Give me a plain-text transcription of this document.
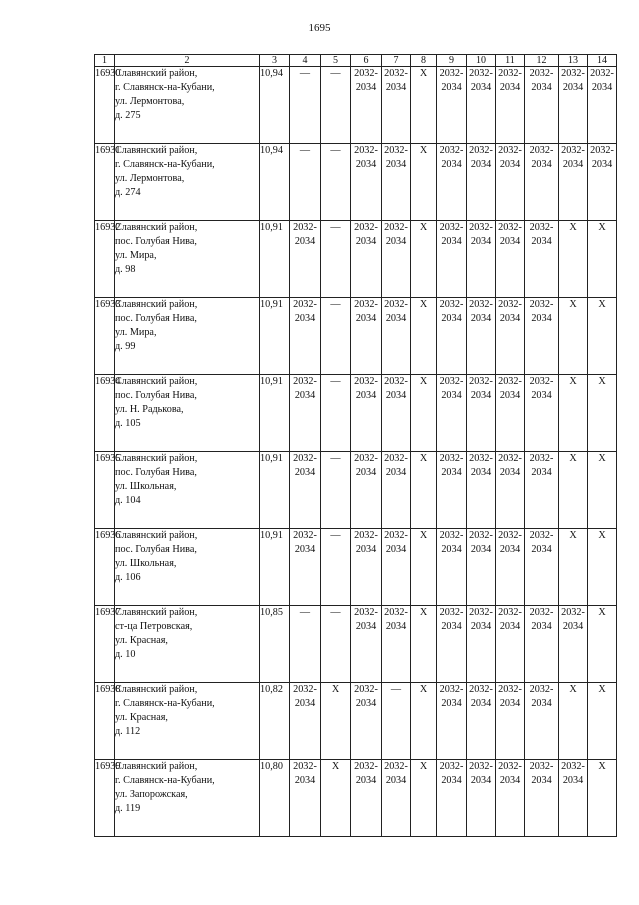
1695
1	2	3	4	5	6	7	8	9	10	11	12	13	14
16930	Славянский район,
г. Славянск-на-Кубани,
ул. Лермонтова,
д. 275	10,94	—	—	2032-
2034	2032-
2034	Х	2032-
2034	2032-
2034	2032-
2034	2032-
2034	2032-
2034	2032-
2034

16931	Славянский район,
г. Славянск-на-Кубани,
ул. Лермонтова,
д. 274	10,94	—	—	2032-
2034	2032-
2034	Х	2032-
2034	2032-
2034	2032-
2034	2032-
2034	2032-
2034	2032-
2034

16932	Славянский район,
пос. Голубая Нива,
ул. Мира,
д. 98	10,91	2032-
2034	—	2032-
2034	2032-
2034	Х	2032-
2034	2032-
2034	2032-
2034	2032-
2034	Х	Х

16933	Славянский район,
пос. Голубая Нива,
ул. Мира,
д. 99	10,91	2032-
2034	—	2032-
2034	2032-
2034	Х	2032-
2034	2032-
2034	2032-
2034	2032-
2034	Х	Х

16934	Славянский район,
пос. Голубая Нива,
ул. Н. Радькова,
д. 105	10,91	2032-
2034	—	2032-
2034	2032-
2034	Х	2032-
2034	2032-
2034	2032-
2034	2032-
2034	Х	Х

16935	Славянский район,
пос. Голубая Нива,
ул. Школьная,
д. 104	10,91	2032-
2034	—	2032-
2034	2032-
2034	Х	2032-
2034	2032-
2034	2032-
2034	2032-
2034	Х	Х

16936	Славянский район,
пос. Голубая Нива,
ул. Школьная,
д. 106	10,91	2032-
2034	—	2032-
2034	2032-
2034	Х	2032-
2034	2032-
2034	2032-
2034	2032-
2034	Х	Х

16937	Славянский район,
ст-ца Петровская,
ул. Красная,
д. 10	10,85	—	—	2032-
2034	2032-
2034	Х	2032-
2034	2032-
2034	2032-
2034	2032-
2034	2032-
2034	Х

16938	Славянский район,
г. Славянск-на-Кубани,
ул. Красная,
д. 112	10,82	2032-
2034	Х	2032-
2034	—	Х	2032-
2034	2032-
2034	2032-
2034	2032-
2034	Х	Х

16939	Славянский район,
г. Славянск-на-Кубани,
ул. Запорожская,
д. 119	10,80	2032-
2034	Х	2032-
2034	2032-
2034	Х	2032-
2034	2032-
2034	2032-
2034	2032-
2034	2032-
2034	Х
